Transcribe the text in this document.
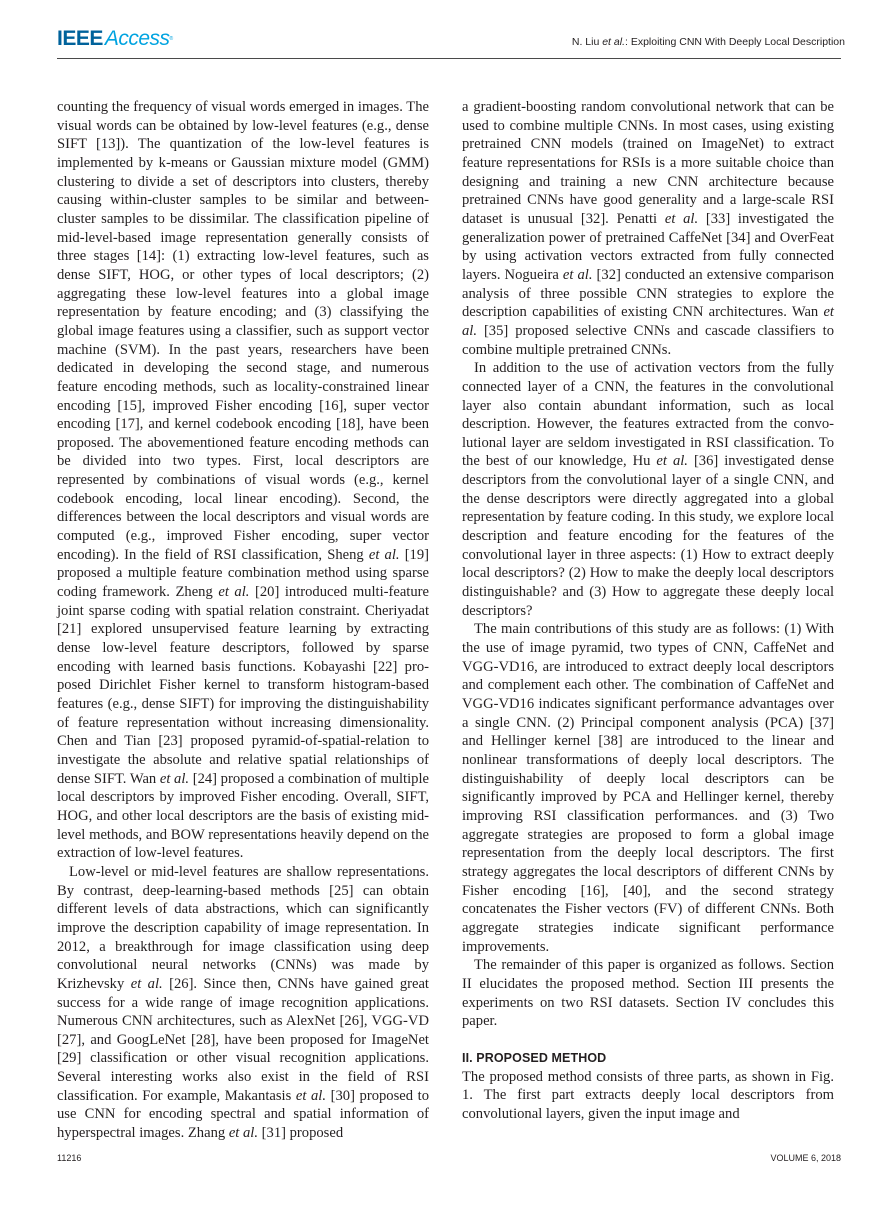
IEEEAccess®	N. Liu et al.: Exploiting CNN With Deeply Local Description

counting the frequency of visual words emerged in images. The visual words can be obtained by low-level features (e.g., dense SIFT [13]). The quantization of the low-level features is implemented by k-means or Gaussian mixture model (GMM) clustering to divide a set of descriptors into clusters, thereby causing within-cluster samples to be similar and between-cluster samples to be dissimilar. The classification pipeline of mid-level-based image representation generally consists of three stages [14]: (1) extracting low-level features, such as dense SIFT, HOG, or other types of local descriptors; (2) aggregating these low-level features into a global image representation by feature encoding; and (3) classifying the global image features using a classifier, such as support vector machine (SVM). In the past years, researchers have been dedicated in developing the second stage, and numerous feature encoding methods, such as locality-constrained linear encoding [15], improved Fisher encoding [16], super vector encoding [17], and kernel codebook encoding [18], have been proposed. The abovementioned feature encoding methods can be divided into two types. First, local descriptors are represented by combinations of visual words (e.g., kernel codebook encoding, local linear encoding). Second, the differences between the local descriptors and visual words are computed (e.g., improved Fisher encoding, super vector encoding). In the field of RSI classification, Sheng et al. [19] proposed a multiple feature combination method using sparse coding framework. Zheng et al. [20] introduced multi-feature joint sparse coding with spatial relation constraint. Cheriyadat [21] explored unsupervised feature learning by extracting dense low-level feature descriptors, followed by sparse encoding with learned basis functions. Kobayashi [22] proposed Dirichlet Fisher kernel to transform histogram-based features (e.g., dense SIFT) for improving the distinguishability of feature representation without increasing dimensionality. Chen and Tian [23] proposed pyramid-of-spatial-relation to investigate the absolute and relative spatial relationships of dense SIFT. Wan et al. [24] proposed a combination of multiple local descriptors by improved Fisher encoding. Overall, SIFT, HOG, and other local descriptors are the basis of existing mid-level methods, and BOW representations heavily depend on the extraction of low-level features.

Low-level or mid-level features are shallow representations. By contrast, deep-learning-based methods [25] can obtain different levels of data abstractions, which can significantly improve the description capability of image representation. In 2012, a breakthrough for image classification using deep convolutional neural networks (CNNs) was made by Krizhevsky et al. [26]. Since then, CNNs have gained great success for a wide range of image recognition applications. Numerous CNN architectures, such as AlexNet [26], VGG-VD [27], and GoogLeNet [28], have been proposed for ImageNet [29] classification or other visual recognition applications. Several interesting works also exist in the field of RSI classification. For example, Makantasis et al. [30] proposed to use CNN for encoding spectral and spatial information of hyperspectral images. Zhang et al. [31] proposed

a gradient-boosting random convolutional network that can be used to combine multiple CNNs. In most cases, using existing pretrained CNN models (trained on ImageNet) to extract feature representations for RSIs is a more suitable choice than designing and training a new CNN architecture because pretrained CNNs have good generality and a large-scale RSI dataset is unusual [32]. Penatti et al. [33] investigated the generalization power of pretrained CaffeNet [34] and OverFeat by using activation vectors extracted from fully connected layers. Nogueira et al. [32] conducted an extensive comparison analysis of three possible CNN strategies to explore the description capabilities of existing CNN architectures. Wan et al. [35] proposed selective CNNs and cascade classifiers to combine multiple pretrained CNNs.

In addition to the use of activation vectors from the fully connected layer of a CNN, the features in the convolutional layer also contain abundant information, such as local description. However, the features extracted from the convolutional layer are seldom investigated in RSI classification. To the best of our knowledge, Hu et al. [36] investigated dense descriptors from the convolutional layer of a single CNN, and the dense descriptors were directly aggregated into a global representation by feature coding. In this study, we explore local description and feature encoding for the features of the convolutional layer in three aspects: (1) How to extract deeply local descriptors? (2) How to make the deeply local descriptors distinguishable? and (3) How to aggregate these deeply local descriptors?

The main contributions of this study are as follows: (1) With the use of image pyramid, two types of CNN, CaffeNet and VGG-VD16, are introduced to extract deeply local descriptors and complement each other. The combination of CaffeNet and VGG-VD16 indicates significant performance advantages over a single CNN. (2) Principal component analysis (PCA) [37] and Hellinger kernel [38] are introduced to the linear and nonlinear transformations of deeply local descriptors. The distinguishability of deeply local descriptors can be significantly improved by PCA and Hellinger kernel, thereby improving RSI classification performances. and (3) Two aggregate strategies are proposed to form a global image representation from the deeply local descriptors. The first strategy aggregates the local descriptors of different CNNs by Fisher encoding [16], [40], and the second strategy concatenates the Fisher vectors (FV) of different CNNs. Both aggregate strategies indicate significant performance improvements.

The remainder of this paper is organized as follows. Section II elucidates the proposed method. Section III presents the experiments on two RSI datasets. Section IV concludes this paper.

II. PROPOSED METHOD

The proposed method consists of three parts, as shown in Fig. 1. The first part extracts deeply local descriptors from convolutional layers, given the input image and

11216	VOLUME 6, 2018
